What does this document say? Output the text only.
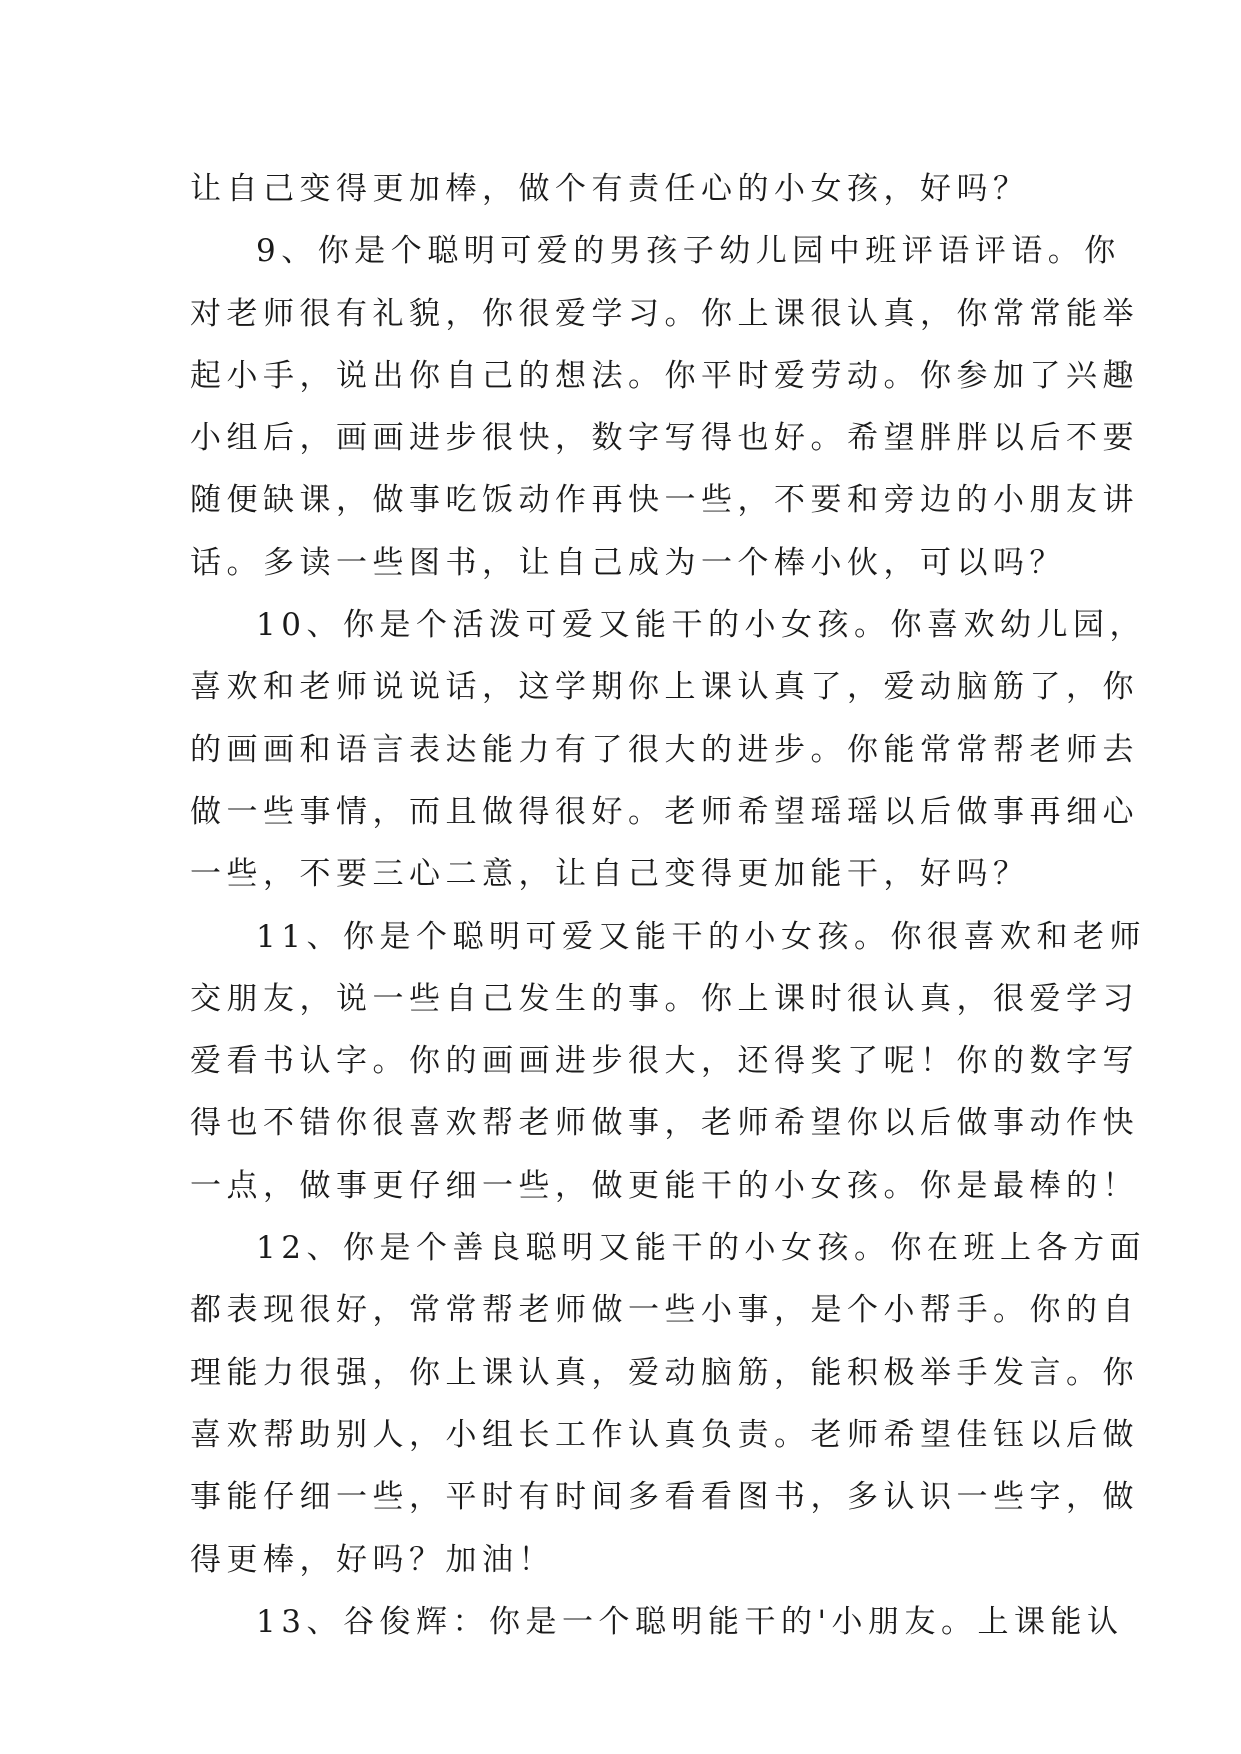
让自己变得更加棒，做个有责任心的小女孩，好吗？
9、你是个聪明可爱的男孩子幼儿园中班评语评语。你
对老师很有礼貌，你很爱学习。你上课很认真，你常常能举
起小手，说出你自己的想法。你平时爱劳动。你参加了兴趣
小组后，画画进步很快，数字写得也好。希望胖胖以后不要
随便缺课，做事吃饭动作再快一些，不要和旁边的小朋友讲
话。多读一些图书，让自己成为一个棒小伙，可以吗？
10、你是个活泼可爱又能干的小女孩。你喜欢幼儿园，
喜欢和老师说说话，这学期你上课认真了，爱动脑筋了，你
的画画和语言表达能力有了很大的进步。你能常常帮老师去
做一些事情，而且做得很好。老师希望瑶瑶以后做事再细心
一些，不要三心二意，让自己变得更加能干，好吗？
11、你是个聪明可爱又能干的小女孩。你很喜欢和老师
交朋友，说一些自己发生的事。你上课时很认真，很爱学习
爱看书认字。你的画画进步很大，还得奖了呢！你的数字写
得也不错你很喜欢帮老师做事，老师希望你以后做事动作快
一点，做事更仔细一些，做更能干的小女孩。你是最棒的！
12、你是个善良聪明又能干的小女孩。你在班上各方面
都表现很好，常常帮老师做一些小事，是个小帮手。你的自
理能力很强，你上课认真，爱动脑筋，能积极举手发言。你
喜欢帮助别人，小组长工作认真负责。老师希望佳钰以后做
事能仔细一些，平时有时间多看看图书，多认识一些字，做
得更棒，好吗？加油！
13、谷俊辉：你是一个聪明能干的'小朋友。上课能认
